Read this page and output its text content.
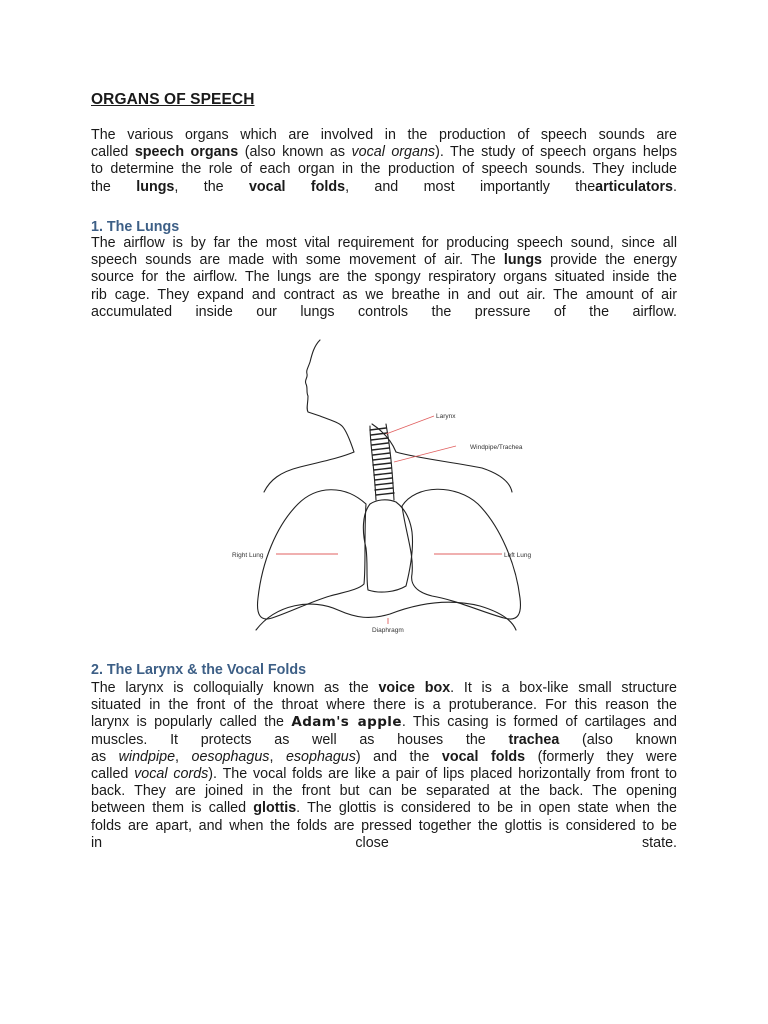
ORGANS OF SPEECH
The various organs which are involved in the production of speech sounds are
called speech organs (also known as vocal organs). The study of speech organs helps
to determine the role of each organ in the production of speech sounds. They include
the lungs, the vocal folds, and most importantly thearticulators.
1. The Lungs
The airflow is by far the most vital requirement for producing speech sound, since all
speech sounds are made with some movement of air. The lungs provide the energy
source for the airflow. The lungs are the spongy respiratory organs situated inside the
rib cage. They expand and contract as we breathe in and out air. The amount of air
accumulated inside our lungs controls the pressure of the airflow.
Larynx
Windpipe/Trachea
Right Lung	Left Lung
Diaphragm
2. The Larynx & the Vocal Folds
The larynx is colloquially known as the voice box. It is a box-like small structure
situated in the front of the throat where there is a protuberance. For this reason the
larynx is popularly called the Adam's apple. This casing is formed of cartilages and
muscles. It protects as well as houses the trachea (also known
as windpipe, oesophagus, esophagus) and the vocal folds (formerly they were
called vocal cords). The vocal folds are like a pair of lips placed horizontally from front to
back. They are joined in the front but can be separated at the back. The opening
between them is called glottis. The glottis is considered to be in open state when the
folds are apart, and when the folds are pressed together the glottis is considered to be
in close state.
